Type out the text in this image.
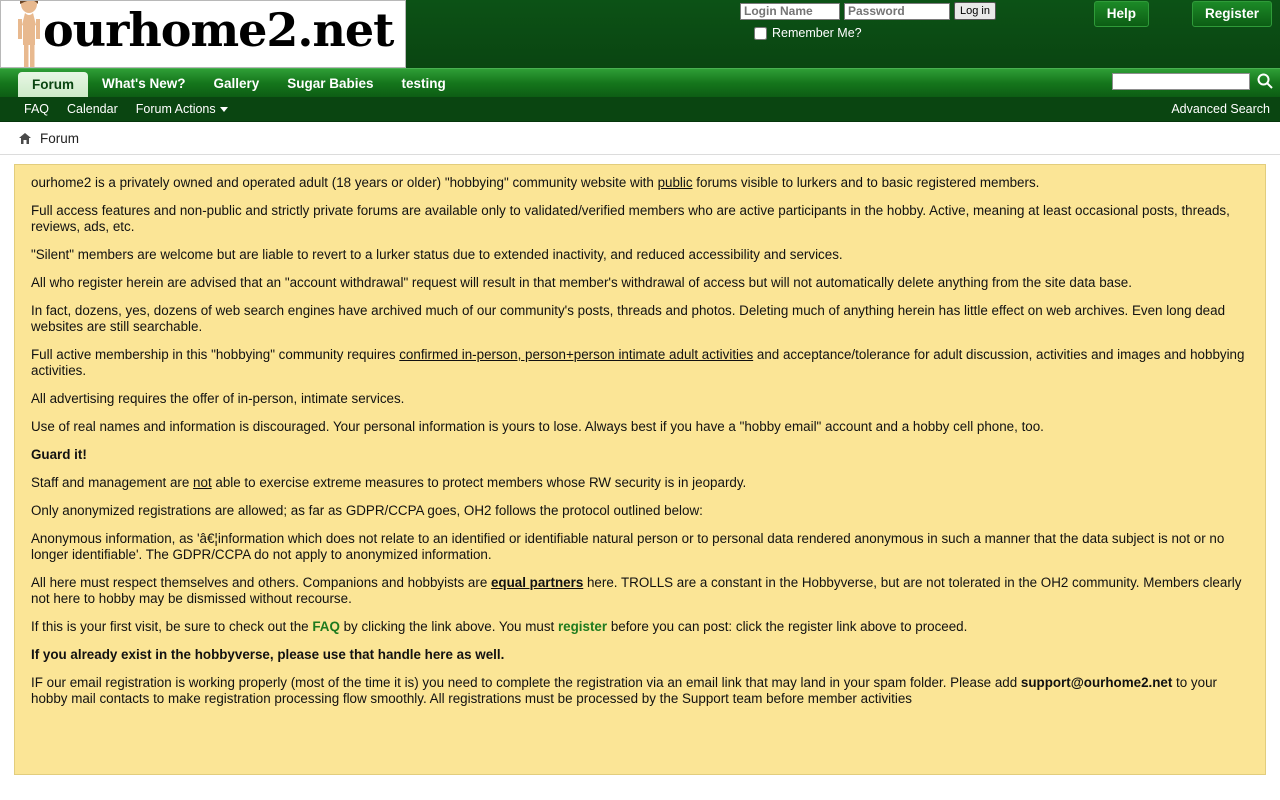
ourhome2.net
Login Name
Password	Log in
Remember Me?
Help	Register
Forum	What's New?	Gallery	Sugar Babies	testing
FAQ Calendar Forum Actions	Advanced Search
Forum

ourhome2 is a privately owned and operated adult (18 years or older) "hobbying" community website with public forums visible to lurkers and to basic registered members.

Full access features and non-public and strictly private forums are available only to validated/verified members who are active participants in the hobby. Active, meaning at least occasional posts, threads, reviews, ads, etc.

"Silent" members are welcome but are liable to revert to a lurker status due to extended inactivity, and reduced accessibility and services.

All who register herein are advised that an "account withdrawal" request will result in that member's withdrawal of access but will not automatically delete anything from the site data base.

In fact, dozens, yes, dozens of web search engines have archived much of our community's posts, threads and photos. Deleting much of anything herein has little effect on web archives. Even long dead websites are still searchable.

Full active membership in this "hobbying" community requires confirmed in-person, person+person intimate adult activities and acceptance/tolerance for adult discussion, activities and images and hobbying activities.

All advertising requires the offer of in-person, intimate services.

Use of real names and information is discouraged. Your personal information is yours to lose. Always best if you have a "hobby email" account and a hobby cell phone, too.

Guard it!

Staff and management are not able to exercise extreme measures to protect members whose RW security is in jeopardy.

Only anonymized registrations are allowed; as far as GDPR/CCPA goes, OH2 follows the protocol outlined below:

Anonymous information, as 'â€¦information which does not relate to an identified or identifiable natural person or to personal data rendered anonymous in such a manner that the data subject is not or no longer identifiable'. The GDPR/CCPA do not apply to anonymized information.

All here must respect themselves and others. Companions and hobbyists are equal partners here. TROLLS are a constant in the Hobbyverse, but are not tolerated in the OH2 community. Members clearly not here to hobby may be dismissed without recourse.

If this is your first visit, be sure to check out the FAQ by clicking the link above. You must register before you can post: click the register link above to proceed.

If you already exist in the hobbyverse, please use that handle here as well.

IF our email registration is working properly (most of the time it is) you need to complete the registration via an email link that may land in your spam folder. Please add support@ourhome2.net to your hobby mail contacts to make registration processing flow smoothly. All registrations must be processed by the Support team before member activities
